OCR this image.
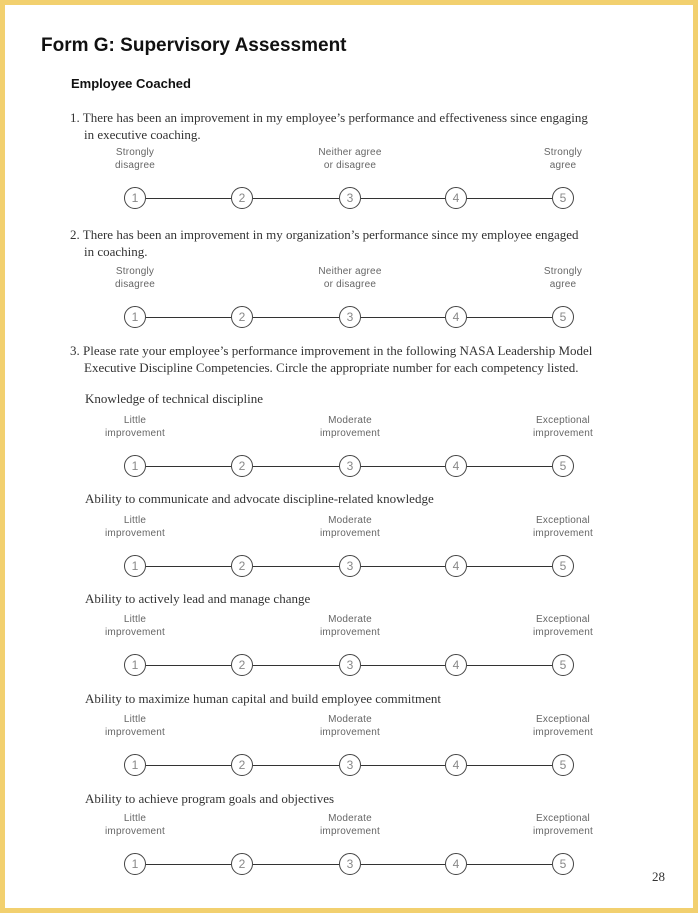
Form G: Supervisory Assessment
Employee Coached
1. There has been an improvement in my employee’s performance and effectiveness since engaging
in executive coaching.
Strongly
disagree
Neither agree
or disagree
Strongly
agree
1	2	3	4	5
2. There has been an improvement in my organization’s performance since my employee engaged
in coaching.
Strongly
disagree
Neither agree
or disagree
Strongly
agree
1	2	3	4	5
3. Please rate your employee’s performance improvement in the following NASA Leadership Model
Executive Discipline Competencies. Circle the appropriate number for each competency listed.
Knowledge of technical discipline
Little
improvement
Moderate
improvement
Exceptional
improvement
1	2	3	4	5
Ability to communicate and advocate discipline-related knowledge
Little
improvement
Moderate
improvement
Exceptional
improvement
1	2	3	4	5
Ability to actively lead and manage change
Little
improvement
Moderate
improvement
Exceptional
improvement
1	2	3	4	5
Ability to maximize human capital and build employee commitment
Little
improvement
Moderate
improvement
Exceptional
improvement
1	2	3	4	5
Ability to achieve program goals and objectives
Little
improvement
Moderate
improvement
Exceptional
improvement
1	2	3	4	5
28
